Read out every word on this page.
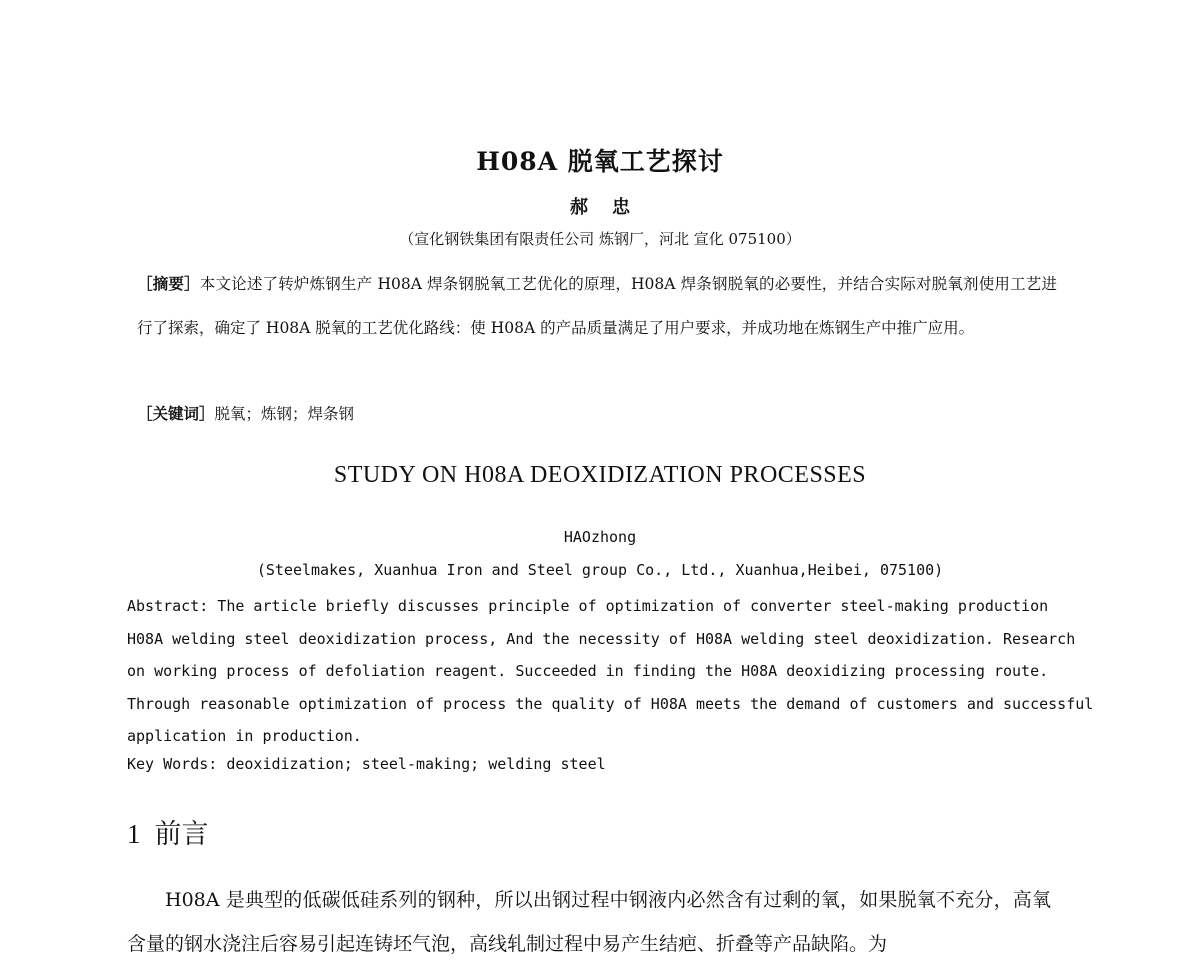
H08A 脱氧工艺探讨
郝忠
（宣化钢铁集团有限责任公司 炼钢厂，河北 宣化 075100）
［摘要］本文论述了转炉炼钢生产 H08A 焊条钢脱氧工艺优化的原理，H08A 焊条钢脱氧的必要性，并结合实际对脱氧剂使用工艺进行了探索，确定了 H08A 脱氧的工艺优化路线：使 H08A 的产品质量满足了用户要求，并成功地在炼钢生产中推广应用。
［关键词］脱氧；炼钢；焊条钢
STUDY ON H08A DEOXIDIZATION PROCESSES
HAOzhong
(Steelmakes, Xuanhua Iron and Steel group Co., Ltd., Xuanhua,Heibei, 075100)
Abstract: The article briefly discusses principle of optimization of converter steel-making production
H08A welding steel deoxidization process, And the necessity of H08A welding steel deoxidization. Research
on working process of defoliation reagent. Succeeded in finding the H08A deoxidizing processing route.
Through reasonable optimization of process the quality of H08A meets the demand of customers and successful
application in production.
Key Words: deoxidization; steel-making; welding steel
1 前言
H08A 是典型的低碳低硅系列的钢种，所以出钢过程中钢液内必然含有过剩的氧，如果脱氧不充分，高氧含量的钢水浇注后容易引起连铸坯气泡，高线轧制过程中易产生结疤、折叠等产品缺陷。为
